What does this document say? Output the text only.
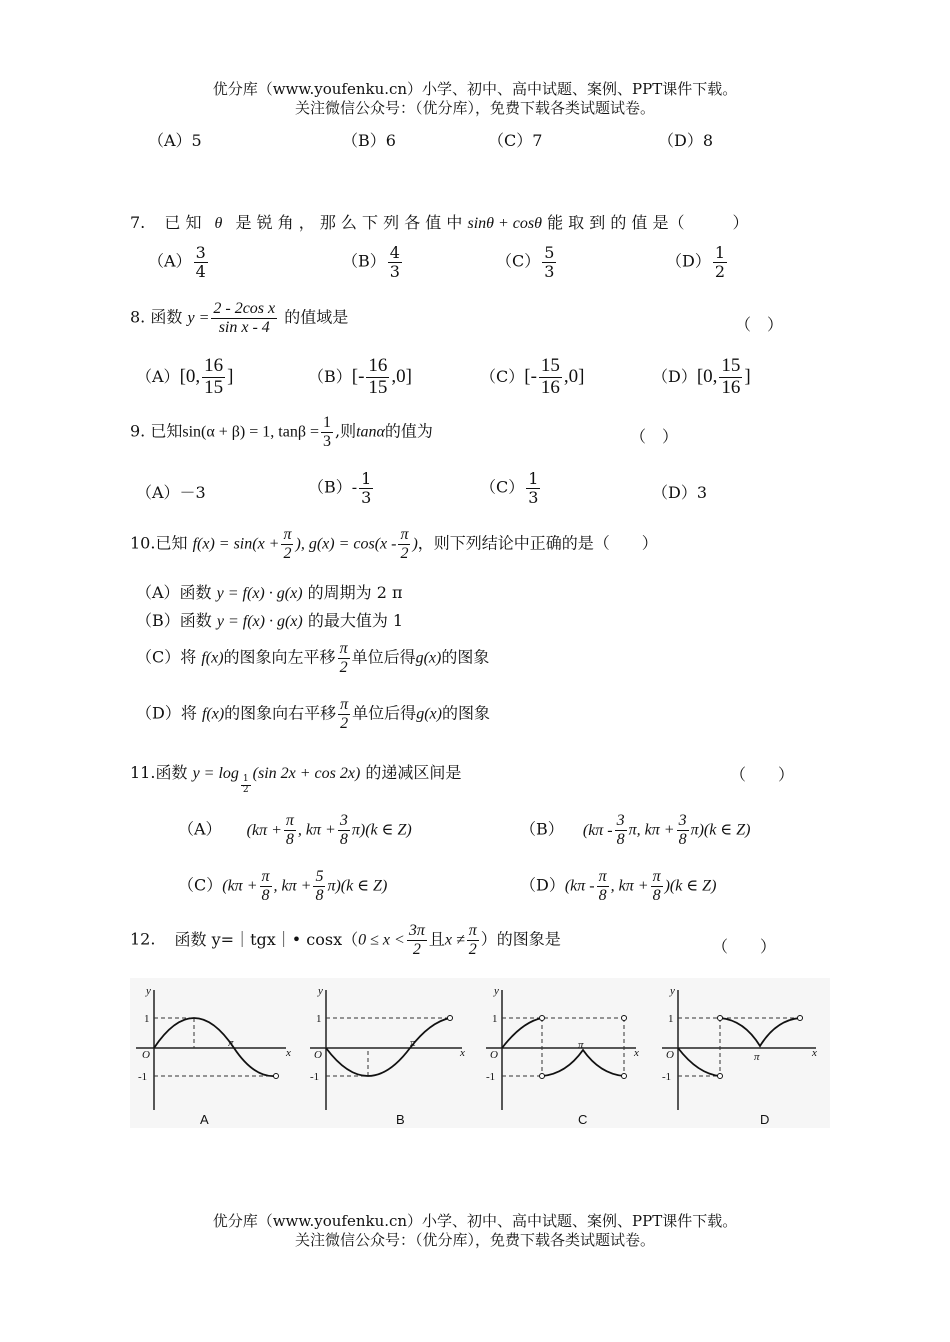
优分库（www.youfenku.cn）小学、初中、高中试题、案例、PPT课件下载。
关注微信公众号：（优分库），免费下载各类试题试卷。
（A）5	（B）6	（C）7	（D）8
7. 已 知 θ 是 锐 角 ， 那 么 下 列 各 值 中 sinθ + cosθ 能 取 到 的 值 是（　　　）
$(A) \frac{3}{4}$	$(B) \frac{4}{3}$	$(C) \frac{5}{3}$	$(D) \frac{1}{2}$
8. 函数 $y = \frac{\text{2 - 2cos x}}{\text{sin x - 4}}$ 的值域是	（　）
（A）[0, $\frac{16}{15}$ ]	$(B)[- \frac{16}{15} ,0]$	$(C)[- \frac{15}{16} ,0]$	（D）[0, $\frac{15}{16}$ ]
9. 已知sin(α + β) = 1, $\tan\beta = \frac{1}{3}$ ,则tanα的值为	（　）
（A）－3	$(B)- \frac{1}{3}$	$(C) \frac{1}{3}$	（D）3
10.已知 $f(x) = \sin(x + \frac{\pi}{2}$ ), $g(x) = \cos(x - \frac{\pi}{2}$ )，则下列结论中正确的是（　　）
（A）函数 y = f(x) · g(x) 的周期为 2 π
（B）函数 y = f(x) · g(x) 的最大值为 1
（C）将 f(x)的图象向左平移 $\frac{\pi}{2}$ 单位后得g(x)的图象
（D）将 f(x)的图象向右平移 $\frac{\pi}{2}$ 单位后得g(x)的图象
11.函数 y = log
$\frac{1}{2}$
(sin 2x + cos 2x) 的递减区间是	（　　）
（A） ($k\pi + \frac{\pi}{8}$ , $k\pi + \frac{3}{8} \pi)(k$ ∈ Z)	（B） ($k\pi - \frac{3}{8} \pi$, $k\pi + \frac{3}{8} \pi)(k$ ∈ Z)
$(C)(k\pi + \frac{\pi}{8}$ , $k\pi + \frac{5}{8} \pi)(k$ ∈ Z)	$(D)(k\pi - \frac{\pi}{8}$ , $k\pi + \frac{\pi}{8} )(k$ ∈ Z)
12. 函数 y=｜tgx｜• $\cos x(0 \le x < \frac{3\pi}{2}$ 且$x \ne \frac{\pi}{2}$ ）的图象是	（　　）
y
x
O
1
-1
π
A
y
x
O
1
-1
π
B
y
x
O
1
-1
π
C
y
x
O
1
-1
π
D
优分库（www.youfenku.cn）小学、初中、高中试题、案例、PPT课件下载。
关注微信公众号：（优分库），免费下载各类试题试卷。
